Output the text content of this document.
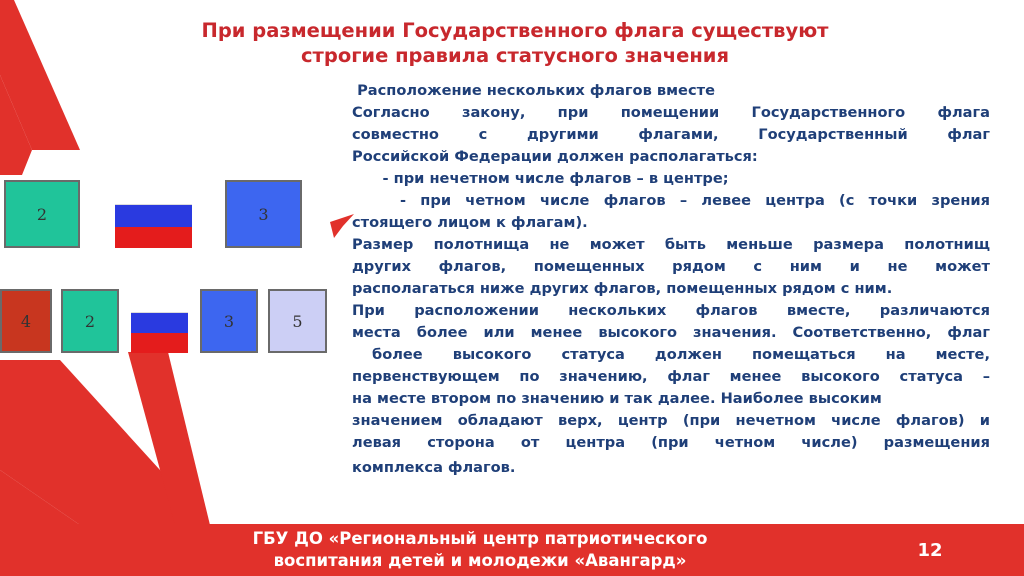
При размещении Государственного флага существуют
строгие правила статусного значения
2	3
4	2	3	5
Расположение нескольких флагов вместе
Согласно закону, при помещении Государственного флага
совместно с другими флагами, Государственный флаг
Российской Федерации должен располагаться:
- при нечетном числе флагов – в центре;
- при четном числе флагов – левее центра (с точки зрения
стоящего лицом к флагам).
Размер полотнища не может быть меньше размера полотнищ
других флагов, помещенных рядом с ним и не может
располагаться ниже других флагов, помещенных рядом с ним.
При расположении нескольких флагов вместе, различаются
места более или менее высокого значения. Соответственно, флаг
более высокого статуса должен помещаться на месте,
первенствующем по значению, флаг менее высокого статуса –
на месте втором по значению и так далее. Наиболее высоким
значением обладают верх, центр (при нечетном числе флагов) и
левая сторона от центра (при четном числе) размещения
комплекса флагов.
ГБУ ДО «Региональный центр патриотического
воспитания детей и молодежи «Авангард»	12
